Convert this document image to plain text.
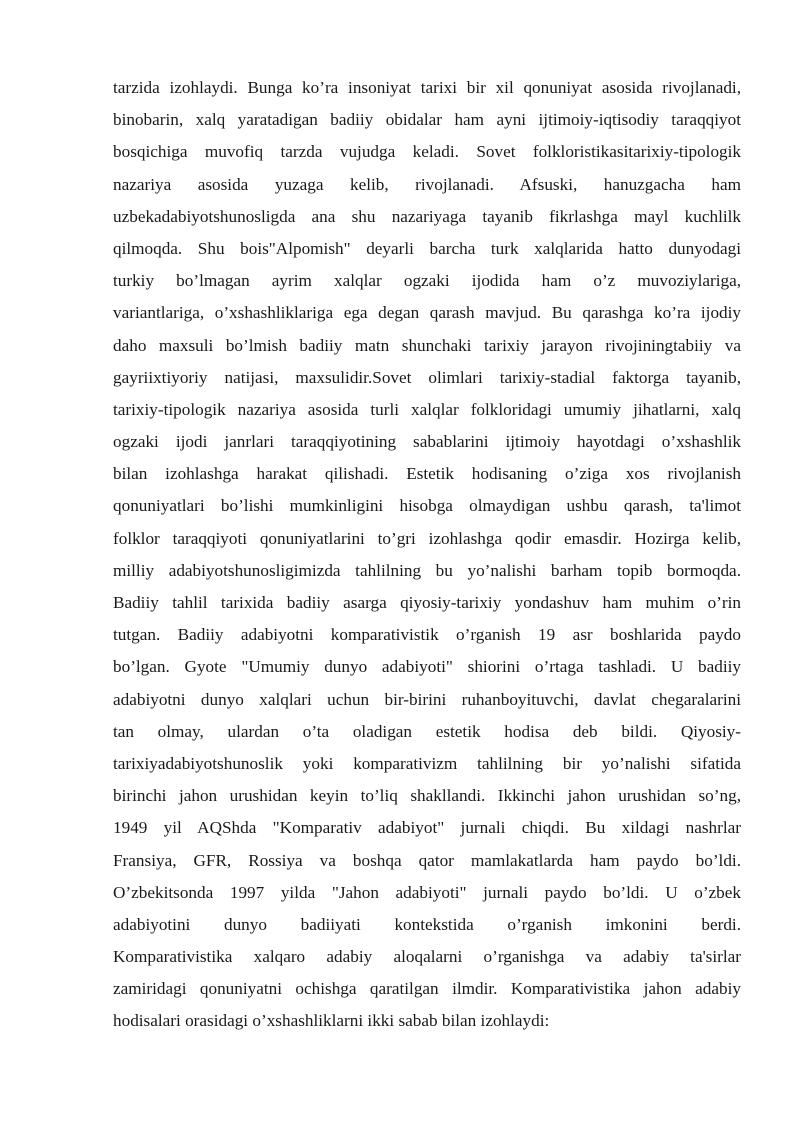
tarzida izohlaydi. Bunga ko’ra insoniyat tarixi bir xil qonuniyat asosida rivojlanadi,
binobarin, xalq yaratadigan badiiy obidalar ham ayni ijtimoiy-iqtisodiy taraqqiyot
bosqichiga muvofiq tarzda vujudga keladi. Sovet folkloristikasitarixiy-tipologik
nazariya asosida yuzaga kelib, rivojlanadi. Afsuski, hanuzgacha ham
uzbekadabiyotshunosligda ana shu nazariyaga tayanib fikrlashga mayl kuchlilk
qilmoqda. Shu bois"Alpomish" deyarli barcha turk xalqlarida hatto dunyodagi
turkiy bo’lmagan ayrim xalqlar ogzaki ijodida ham o’z muvoziylariga,
variantlariga, o’xshashliklariga ega degan qarash mavjud. Bu qarashga ko’ra ijodiy
daho maxsuli bo’lmish badiiy matn shunchaki tarixiy jarayon rivojiningtabiiy va
gayriixtiyoriy natijasi, maxsulidir.Sovet olimlari tarixiy-stadial faktorga tayanib,
tarixiy-tipologik nazariya asosida turli xalqlar folkloridagi umumiy jihatlarni, xalq
ogzaki ijodi janrlari taraqqiyotining sabablarini ijtimoiy hayotdagi o’xshashlik
bilan izohlashga harakat qilishadi. Estetik hodisaning o’ziga xos rivojlanish
qonuniyatlari bo’lishi mumkinligini hisobga olmaydigan ushbu qarash, ta'limot
folklor taraqqiyoti qonuniyatlarini to’gri izohlashga qodir emasdir. Hozirga kelib,
milliy adabiyotshunosligimizda tahlilning bu yo’nalishi barham topib bormoqda.
Badiiy tahlil tarixida badiiy asarga qiyosiy-tarixiy yondashuv ham muhim o’rin
tutgan. Badiiy adabiyotni komparativistik o’rganish 19 asr boshlarida paydo
bo’lgan. Gyote "Umumiy dunyo adabiyoti" shiorini o’rtaga tashladi. U badiiy
adabiyotni dunyo xalqlari uchun bir-birini ruhanboyituvchi, davlat chegaralarini
tan olmay, ulardan o’ta oladigan estetik hodisa deb bildi. Qiyosiy-
tarixiyadabiyotshunoslik yoki komparativizm tahlilning bir yo’nalishi sifatida
birinchi jahon urushidan keyin to’liq shakllandi. Ikkinchi jahon urushidan so’ng,
1949 yil AQShda "Komparativ adabiyot" jurnali chiqdi. Bu xildagi nashrlar
Fransiya, GFR, Rossiya va boshqa qator mamlakatlarda ham paydo bo’ldi.
O’zbekitsonda 1997 yilda "Jahon adabiyoti" jurnali paydo bo’ldi. U o’zbek
adabiyotini dunyo badiiyati kontekstida o’rganish imkonini berdi.
Komparativistika xalqaro adabiy aloqalarni o’rganishga va adabiy ta'sirlar
zamiridagi qonuniyatni ochishga qaratilgan ilmdir. Komparativistika jahon adabiy
hodisalari orasidagi o’xshashliklarni ikki sabab bilan izohlaydi:
